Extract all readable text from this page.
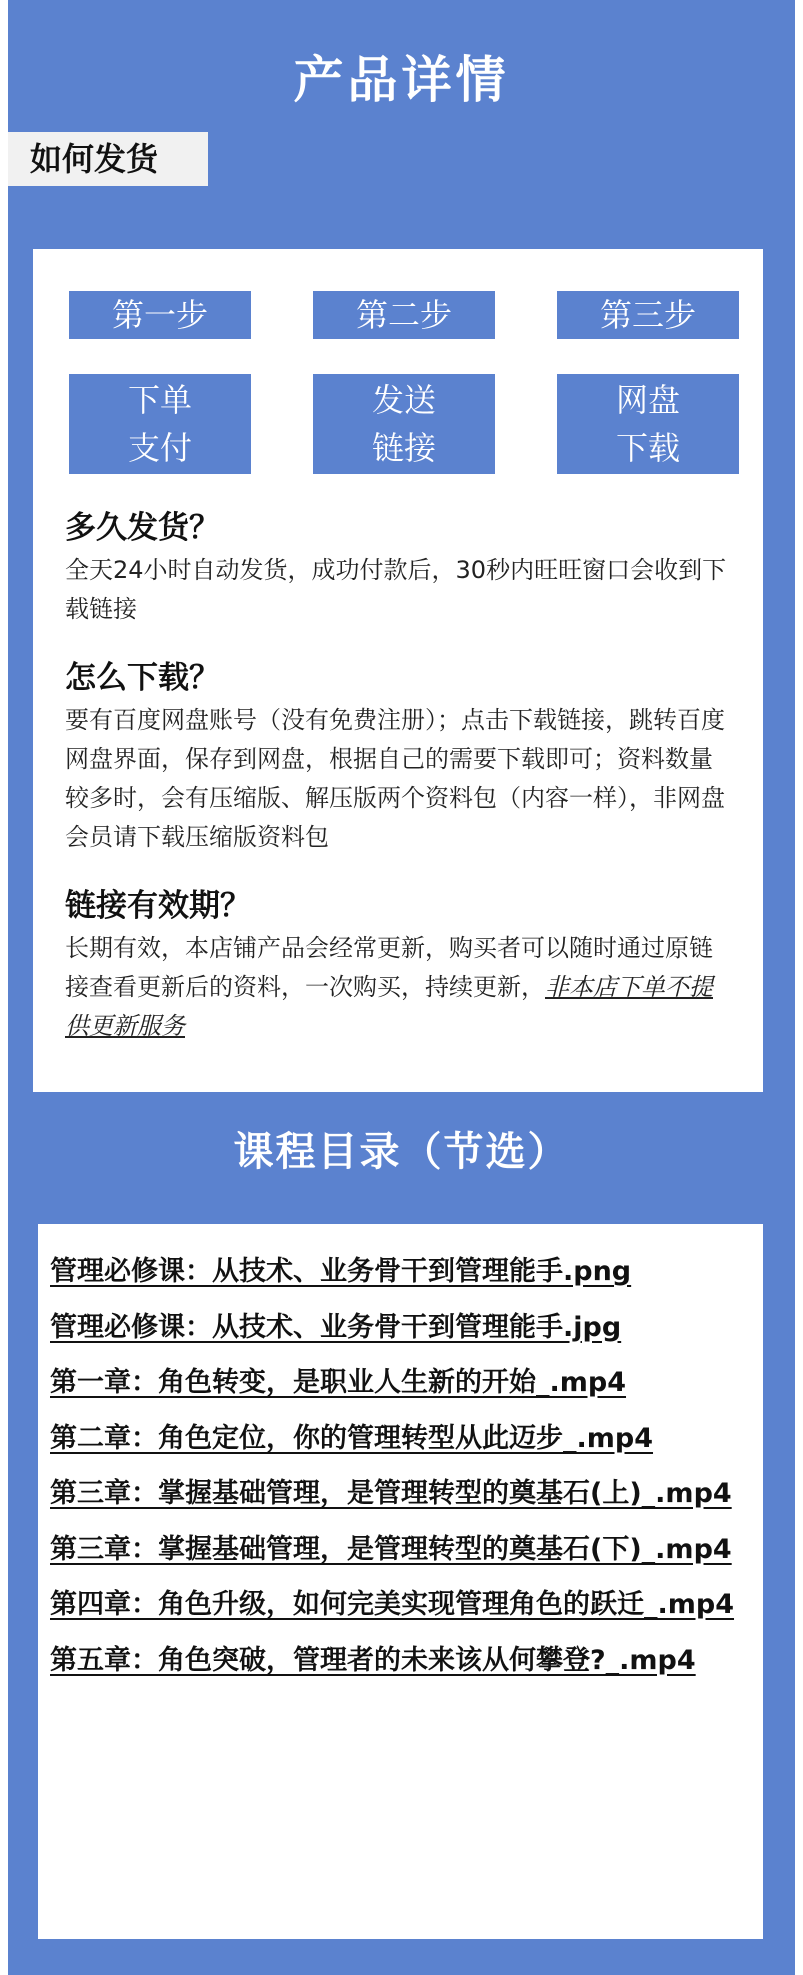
产品详情
如何发货
第一步	第二步	第三步
下单
支付
发送
链接
网盘
下载
多久发货？

全天24小时自动发货，成功付款后，30秒内旺旺窗口会收到下载链接

怎么下载？

要有百度网盘账号（没有免费注册）；点击下载链接，跳转百度网盘界面，保存到网盘，根据自己的需要下载即可；资料数量较多时，会有压缩版、解压版两个资料包（内容一样），非网盘会员请下载压缩版资料包

链接有效期？

长期有效，本店铺产品会经常更新，购买者可以随时通过原链接查看更新后的资料，一次购买，持续更新，非本店下单不提供更新服务

课程目录（节选）
管理必修课：从技术、业务骨干到管理能手.png
管理必修课：从技术、业务骨干到管理能手.jpg
第一章：角色转变，是职业人生新的开始_.mp4
第二章：角色定位，你的管理转型从此迈步_.mp4
第三章：掌握基础管理，是管理转型的奠基石(上)_.mp4
第三章：掌握基础管理，是管理转型的奠基石(下)_.mp4
第四章：角色升级，如何完美实现管理角色的跃迁_.mp4
第五章：角色突破，管理者的未来该从何攀登?_.mp4
